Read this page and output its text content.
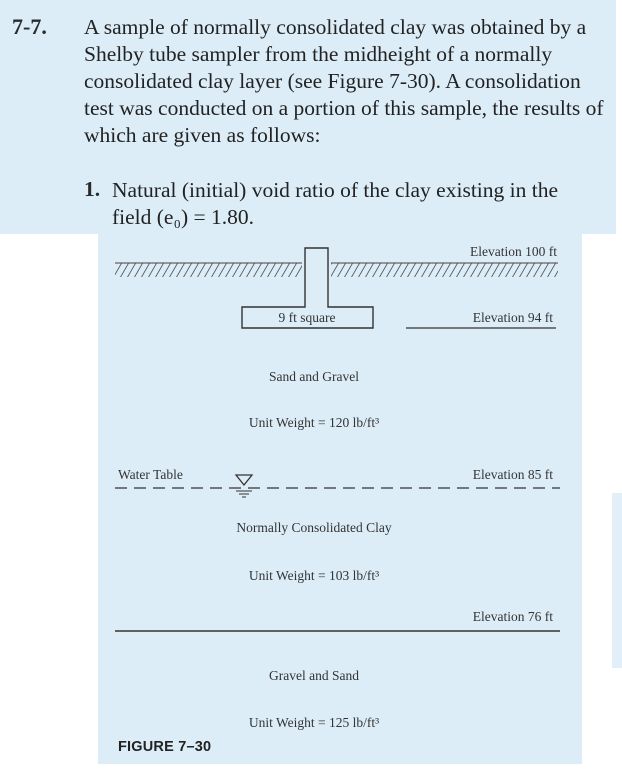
7-7. A sample of normally consolidated clay was obtained by a Shelby tube sampler from the midheight of a normally consolidated clay layer (see Figure 7-30). A consolidation test was conducted on a portion of this sample, the results of which are given as follows:

1. Natural (initial) void ratio of the clay existing in the field (e₀) = 1.80.

9 ft square
Elevation 100 ft
Elevation 94 ft
Sand and Gravel
Unit Weight = 120 lb/ft³
Water Table	Elevation 85 ft
Normally Consolidated Clay
Unit Weight = 103 lb/ft³
Elevation 76 ft
Gravel and Sand
Unit Weight = 125 lb/ft³
FIGURE 7–30
